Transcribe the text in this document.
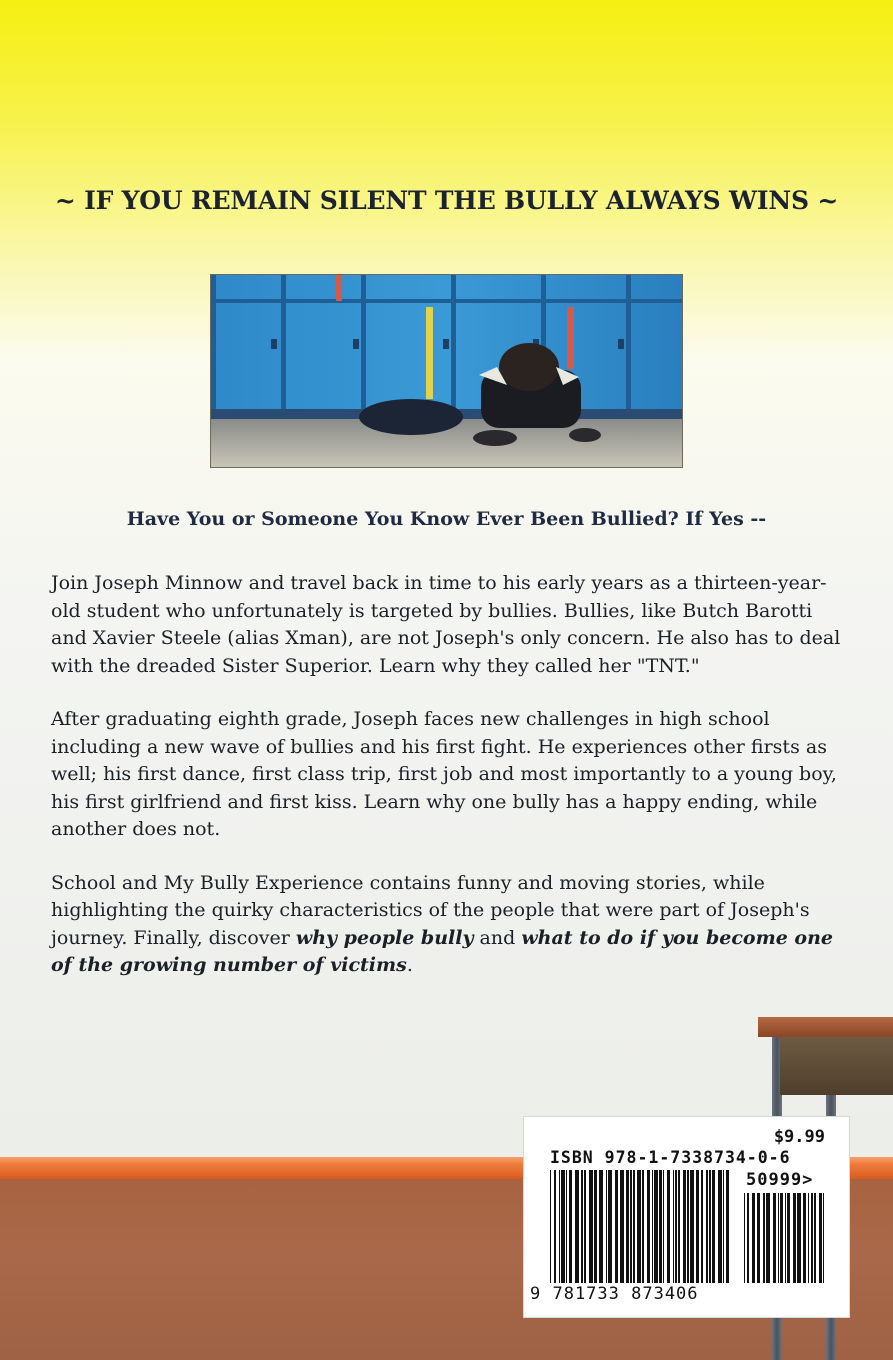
~ IF YOU REMAIN SILENT THE BULLY ALWAYS WINS ~
Have You or Someone You Know Ever Been Bullied? If Yes --

Join Joseph Minnow and travel back in time to his early years as a thirteen-year-old student who unfortunately is targeted by bullies. Bullies, like Butch Barotti and Xavier Steele (alias Xman), are not Joseph's only concern. He also has to deal with the dreaded Sister Superior. Learn why they called her "TNT."

After graduating eighth grade, Joseph faces new challenges in high school including a new wave of bullies and his first fight. He experiences other firsts as well; his first dance, first class trip, first job and most importantly to a young boy, his first girlfriend and first kiss. Learn why one bully has a happy ending, while another does not.

School and My Bully Experience contains funny and moving stories, while highlighting the quirky characteristics of the people that were part of Joseph's journey. Finally, discover why people bully and what to do if you become one of the growing number of victims.

$9.99
ISBN 978-1-7338734-0-6
50999>
9 781733 873406
